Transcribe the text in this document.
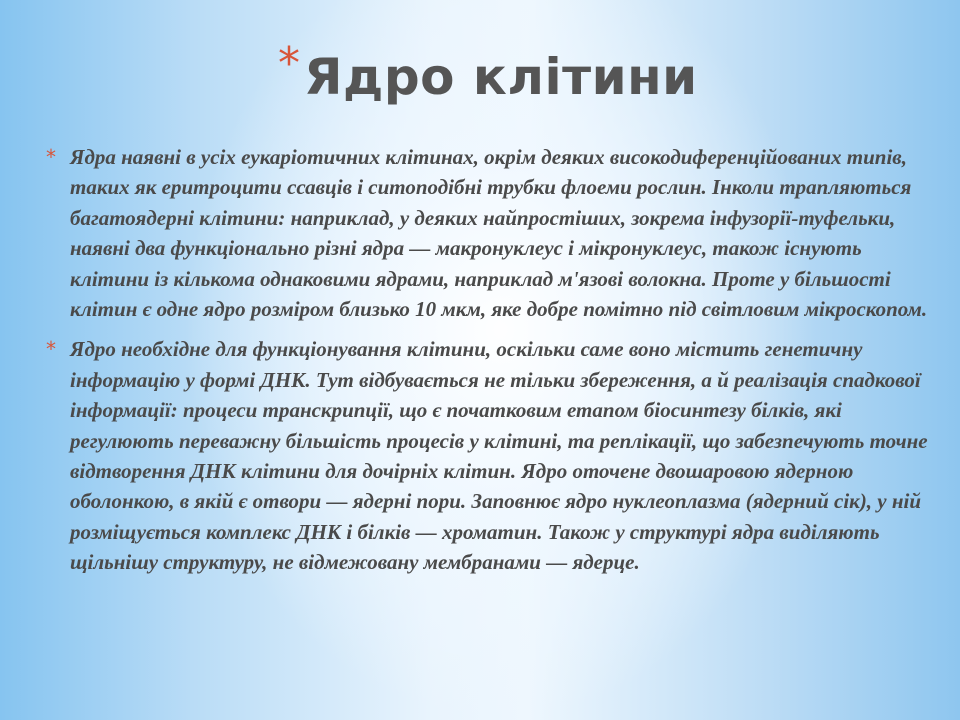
* Ядро клітини

* Ядра наявні в усіх еукаріотичних клітинах, окрім деяких високодиференційованих типів, таких як еритроцити ссавців і ситоподібні трубки флоеми рослин. Інколи трапляються багатоядерні клітини: наприклад, у деяких найпростіших, зокрема інфузорії-туфельки, наявні два функціонально різні ядра — макронуклеус і мікронуклеус, також існують клітини із кількома однаковими ядрами, наприклад м'язові волокна. Проте у більшості клітин є одне ядро розміром близько 10 мкм, яке добре помітно під світловим мікроскопом.

* Ядро необхідне для функціонування клітини, оскільки саме воно містить генетичну інформацію у формі ДНК. Тут відбувається не тільки збереження, а й реалізація спадкової інформації: процеси транскрипції, що є початковим етапом біосинтезу білків, які регулюють переважну більшість процесів у клітині, та реплікації, що забезпечують точне відтворення ДНК клітини для дочірніх клітин. Ядро оточене двошаровою ядерною оболонкою, в якій є отвори — ядерні пори. Заповнює ядро нуклеоплазма (ядерний сік), у ній розміщується комплекс ДНК і білків — хроматин. Також у структурі ядра виділяють щільнішу структуру, не відмежовану мембранами — ядерце.
